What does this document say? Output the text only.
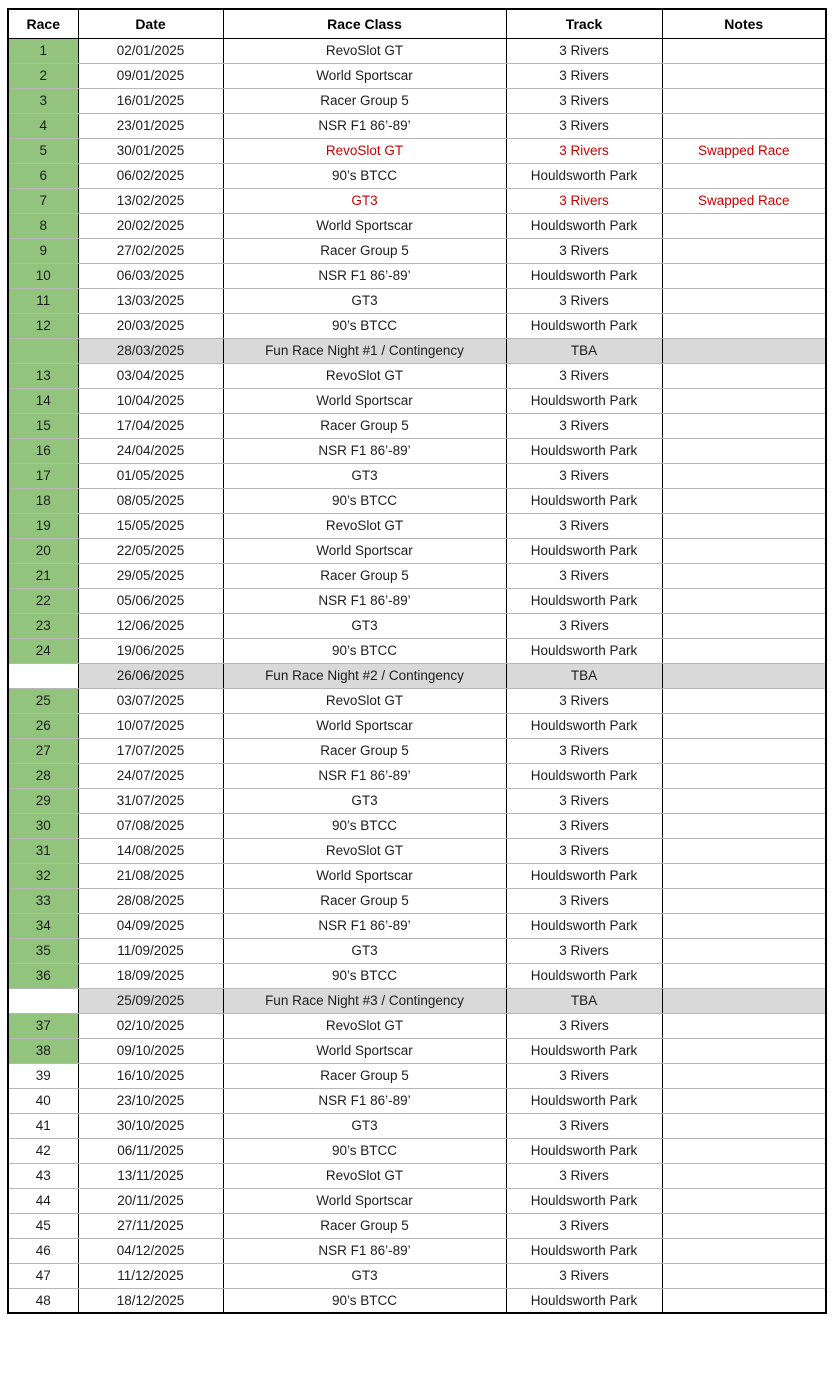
Race	Date	Race Class	Track	Notes
1	02/01/2025	RevoSlot GT	3 Rivers	
2	09/01/2025	World Sportscar	3 Rivers	
3	16/01/2025	Racer Group 5	3 Rivers	
4	23/01/2025	NSR F1 86’-89’	3 Rivers	
5	30/01/2025	RevoSlot GT	3 Rivers	Swapped Race
6	06/02/2025	90’s BTCC	Houldsworth Park	
7	13/02/2025	GT3	3 Rivers	Swapped Race
8	20/02/2025	World Sportscar	Houldsworth Park	
9	27/02/2025	Racer Group 5	3 Rivers	
10	06/03/2025	NSR F1 86’-89’	Houldsworth Park	
11	13/03/2025	GT3	3 Rivers	
12	20/03/2025	90’s BTCC	Houldsworth Park	
	28/03/2025	Fun Race Night #1 / Contingency	TBA	
13	03/04/2025	RevoSlot GT	3 Rivers	
14	10/04/2025	World Sportscar	Houldsworth Park	
15	17/04/2025	Racer Group 5	3 Rivers	
16	24/04/2025	NSR F1 86’-89’	Houldsworth Park	
17	01/05/2025	GT3	3 Rivers	
18	08/05/2025	90’s BTCC	Houldsworth Park	
19	15/05/2025	RevoSlot GT	3 Rivers	
20	22/05/2025	World Sportscar	Houldsworth Park	
21	29/05/2025	Racer Group 5	3 Rivers	
22	05/06/2025	NSR F1 86’-89’	Houldsworth Park	
23	12/06/2025	GT3	3 Rivers	
24	19/06/2025	90’s BTCC	Houldsworth Park	
	26/06/2025	Fun Race Night #2 / Contingency	TBA	
25	03/07/2025	RevoSlot GT	3 Rivers	
26	10/07/2025	World Sportscar	Houldsworth Park	
27	17/07/2025	Racer Group 5	3 Rivers	
28	24/07/2025	NSR F1 86’-89’	Houldsworth Park	
29	31/07/2025	GT3	3 Rivers	
30	07/08/2025	90’s BTCC	3 Rivers	
31	14/08/2025	RevoSlot GT	3 Rivers	
32	21/08/2025	World Sportscar	Houldsworth Park	
33	28/08/2025	Racer Group 5	3 Rivers	
34	04/09/2025	NSR F1 86’-89’	Houldsworth Park	
35	11/09/2025	GT3	3 Rivers	
36	18/09/2025	90’s BTCC	Houldsworth Park	
	25/09/2025	Fun Race Night #3 / Contingency	TBA	
37	02/10/2025	RevoSlot GT	3 Rivers	
38	09/10/2025	World Sportscar	Houldsworth Park	
39	16/10/2025	Racer Group 5	3 Rivers	
40	23/10/2025	NSR F1 86’-89’	Houldsworth Park	
41	30/10/2025	GT3	3 Rivers	
42	06/11/2025	90’s BTCC	Houldsworth Park	
43	13/11/2025	RevoSlot GT	3 Rivers	
44	20/11/2025	World Sportscar	Houldsworth Park	
45	27/11/2025	Racer Group 5	3 Rivers	
46	04/12/2025	NSR F1 86’-89’	Houldsworth Park	
47	11/12/2025	GT3	3 Rivers	
48	18/12/2025	90’s BTCC	Houldsworth Park	
